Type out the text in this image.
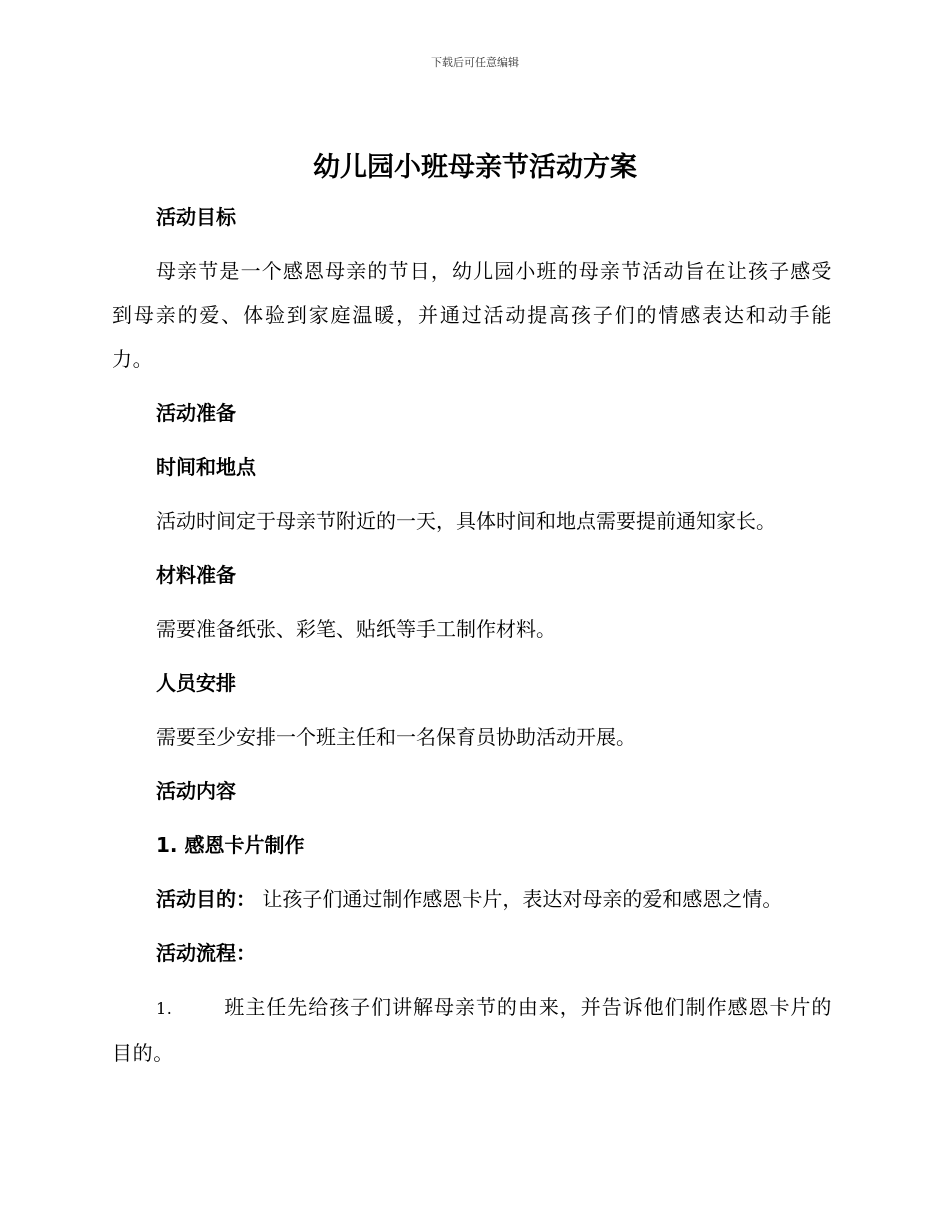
下载后可任意编辑
幼儿园小班母亲节活动方案
活动目标
母亲节是一个感恩母亲的节日，幼儿园小班的母亲节活动旨在让孩子感受到母亲的爱、体验到家庭温暖，并通过活动提高孩子们的情感表达和动手能力。
活动准备
时间和地点
活动时间定于母亲节附近的一天，具体时间和地点需要提前通知家长。
材料准备
需要准备纸张、彩笔、贴纸等手工制作材料。
人员安排
需要至少安排一个班主任和一名保育员协助活动开展。
活动内容
1. 感恩卡片制作
活动目的： 让孩子们通过制作感恩卡片，表达对母亲的爱和感恩之情。
活动流程：
1.	班主任先给孩子们讲解母亲节的由来，并告诉他们制作感恩卡片的目的。
